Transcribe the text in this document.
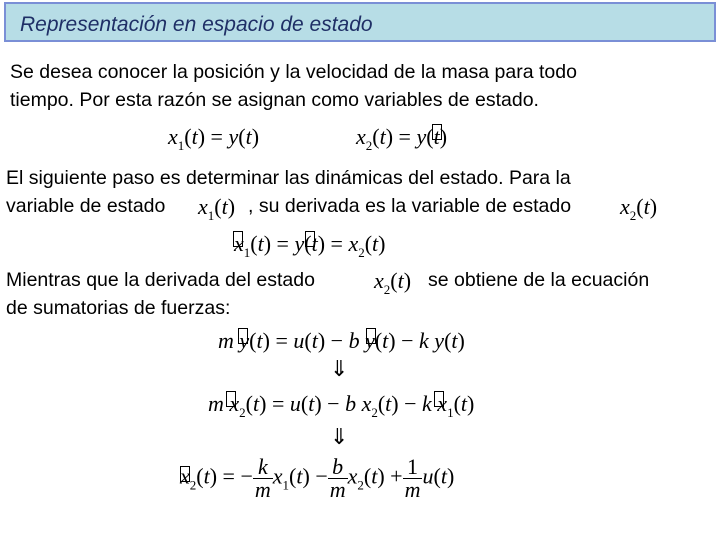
Representación en espacio de estado
Se desea conocer la posición y la velocidad de la masa para todo
tiempo. Por esta razón se asignan como variables de estado.
$x_1(t) = y(t)$	$x_2(t) = y(t)$
El siguiente paso es determinar las dinámicas del estado. Para la
variable de estado $x_1(t)$ , su derivada es la variable de estado $x_2(t)$
$x_1(t) = y(t) = x_2(t)$
Mientras que la derivada del estado	$x_2(t)$ se obtiene de la ecuación
de sumatorias de fuerzas:
m y(t) = u(t) − b y(t) − k y(t)
⇓
m $x_2(t) = u(t) - b$ $x_2(t) - k$ $x_1(t)$
⇓
$x_2(t)$ = − $\frac{k}{m} x_1(t) - \frac{b}{m} x_2(t) + \frac{1}{m} u(t)$
